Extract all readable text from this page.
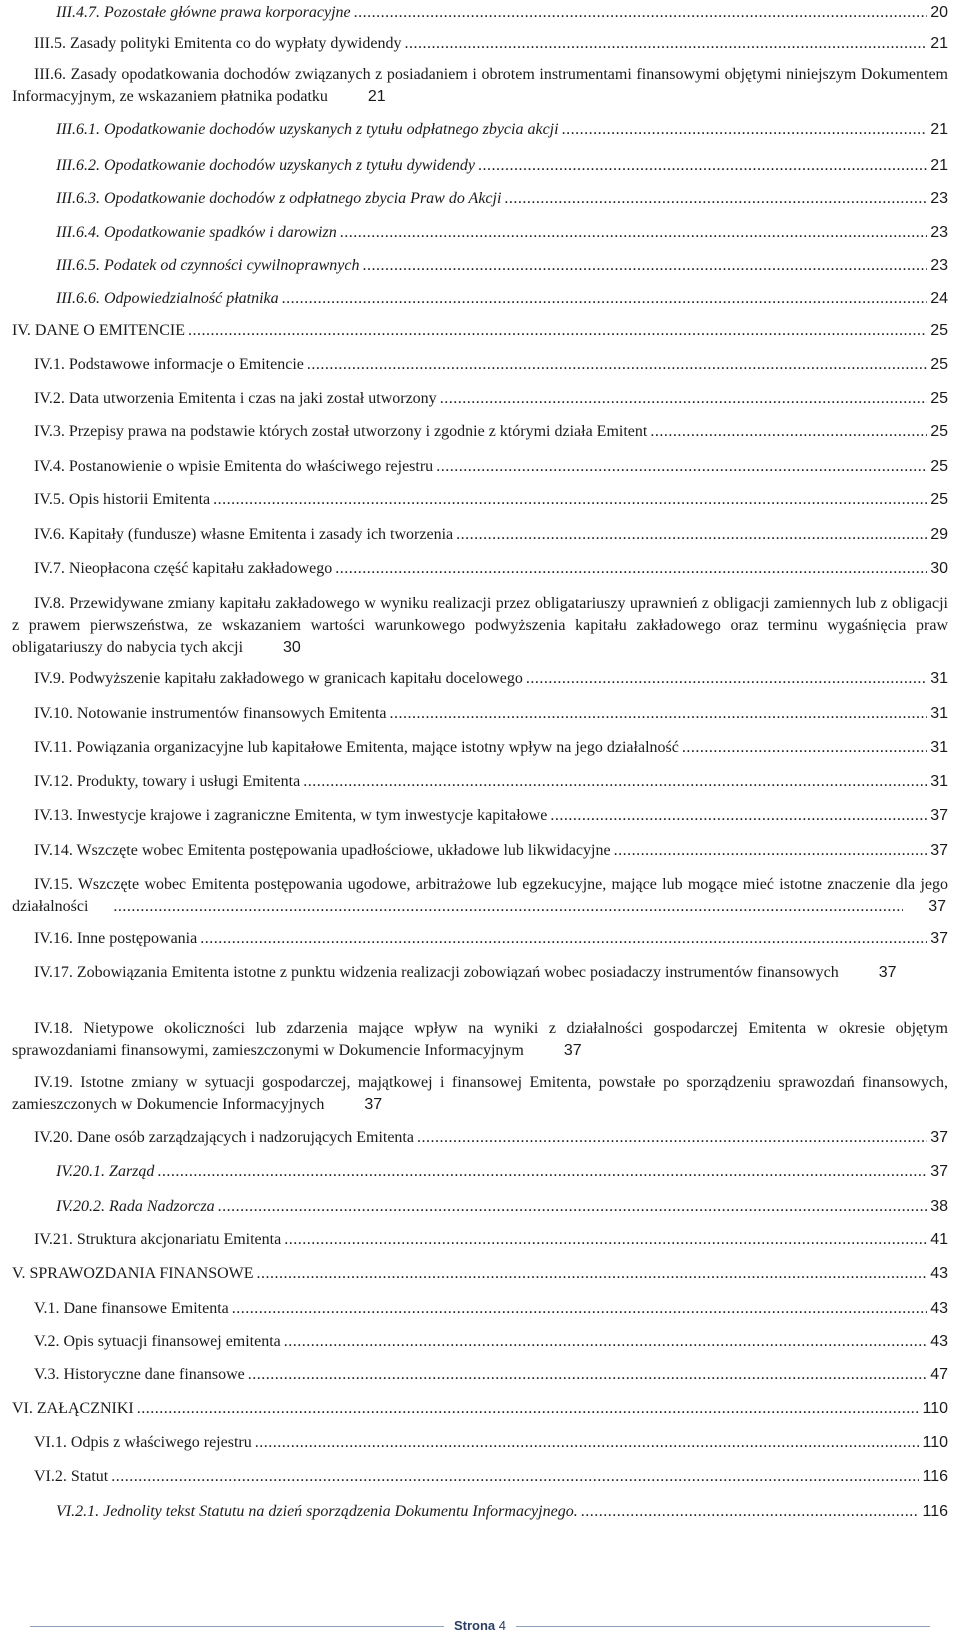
III.4.7. Pozostałe główne prawa korporacyjne .....	20
III.5. Zasady polityki Emitenta co do wypłaty dywidendy .....	21
III.6. Zasady opodatkowania dochodów związanych z posiadaniem i obrotem instrumentami finansowymi objętymi niniejszym Dokumentem Informacyjnym, ze wskazaniem płatnika podatku .....	21
III.6.1. Opodatkowanie dochodów uzyskanych z tytułu odpłatnego zbycia akcji .....	21
III.6.2. Opodatkowanie dochodów uzyskanych z tytułu dywidendy .....	21
III.6.3. Opodatkowanie dochodów z odpłatnego zbycia Praw do Akcji .....	23
III.6.4. Opodatkowanie spadków i darowizn .....	23
III.6.5. Podatek od czynności cywilnoprawnych .....	23
III.6.6. Odpowiedzialność płatnika .....	24
IV. DANE O EMITENCIE .....	25
IV.1. Podstawowe informacje o Emitencie .....	25
IV.2. Data utworzenia Emitenta i czas na jaki został utworzony .....	25
IV.3. Przepisy prawa na podstawie których został utworzony i zgodnie z którymi działa Emitent .....	25
IV.4. Postanowienie o wpisie Emitenta do właściwego rejestru .....	25
IV.5. Opis historii Emitenta .....	25
IV.6. Kapitały (fundusze) własne Emitenta i zasady ich tworzenia .....	29
IV.7. Nieopłacona część kapitału zakładowego .....	30
IV.8. Przewidywane zmiany kapitału zakładowego w wyniku realizacji przez obligatariuszy uprawnień z obligacji zamiennych lub z obligacji z prawem pierwszeństwa, ze wskazaniem wartości warunkowego podwyższenia kapitału zakładowego oraz terminu wygaśnięcia praw obligatariuszy do nabycia tych akcji .....	30
IV.9. Podwyższenie kapitału zakładowego w granicach kapitału docelowego .....	31
IV.10. Notowanie instrumentów finansowych Emitenta .....	31
IV.11. Powiązania organizacyjne lub kapitałowe Emitenta, mające istotny wpływ na jego działalność .....	31
IV.12. Produkty, towary i usługi Emitenta .....	31
IV.13. Inwestycje krajowe i zagraniczne Emitenta, w tym inwestycje kapitałowe .....	37
IV.14. Wszczęte wobec Emitenta postępowania upadłościowe, układowe lub likwidacyjne .....	37
IV.15. Wszczęte wobec Emitenta postępowania ugodowe, arbitrażowe lub egzekucyjne, mające lub mogące mieć istotne znaczenie dla jego działalności .....	37
IV.16. Inne postępowania .....	37
IV.17. Zobowiązania Emitenta istotne z punktu widzenia realizacji zobowiązań wobec posiadaczy instrumentów finansowych .....	37
IV.18. Nietypowe okoliczności lub zdarzenia mające wpływ na wyniki z działalności gospodarczej Emitenta w okresie objętym sprawozdaniami finansowymi, zamieszczonymi w Dokumencie Informacyjnym .....	37
IV.19. Istotne zmiany w sytuacji gospodarczej, majątkowej i finansowej Emitenta, powstałe po sporządzeniu sprawozdań finansowych, zamieszczonych w Dokumencie Informacyjnych .....	37
IV.20. Dane osób zarządzających i nadzorujących Emitenta .....	37
IV.20.1. Zarząd .....	37
IV.20.2. Rada Nadzorcza .....	38
IV.21. Struktura akcjonariatu Emitenta .....	41
V. SPRAWOZDANIA FINANSOWE .....	43
V.1. Dane finansowe Emitenta .....	43
V.2. Opis sytuacji finansowej emitenta .....	43
V.3. Historyczne dane finansowe .....	47
VI. ZAŁĄCZNIKI .....	110
VI.1. Odpis z właściwego rejestru .....	110
VI.2. Statut .....	116
VI.2.1. Jednolity tekst Statutu na dzień sporządzenia Dokumentu Informacyjnego. .....	116
Strona 4
